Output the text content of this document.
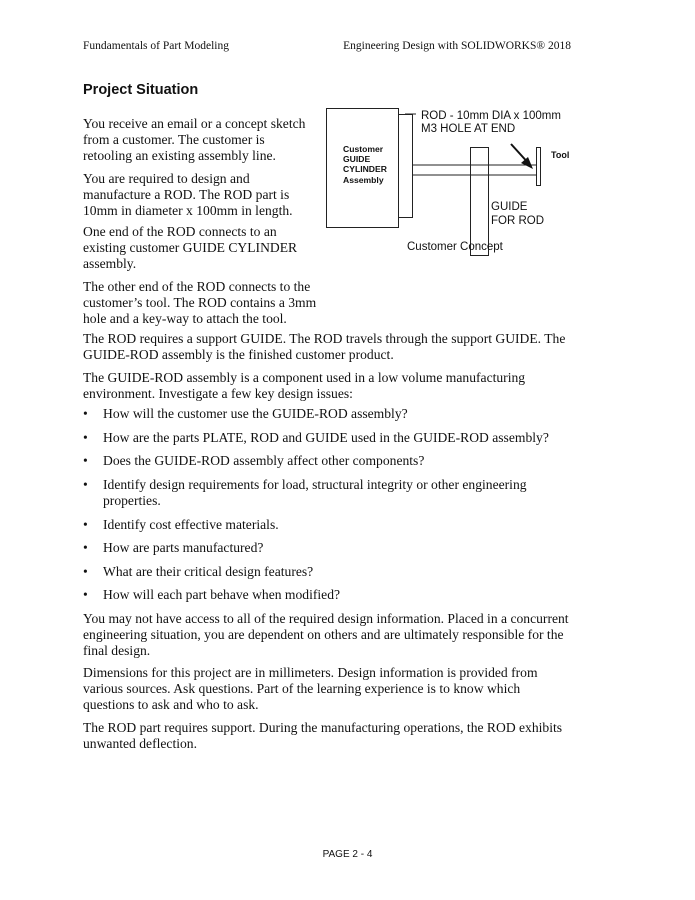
Fundamentals of Part Modeling	Engineering Design with SOLIDWORKS® 2018
Project Situation

You receive an email or a concept sketch from a customer. The customer is retooling an existing assembly line.

You are required to design and manufacture a ROD. The ROD part is 10mm in diameter x 100mm in length.

One end of the ROD connects to an existing customer GUIDE CYLINDER assembly.

The other end of the ROD connects to the customer’s tool. The ROD contains a 3mm hole and a key-way to attach the tool.

ROD - 10mm DIA x 100mm
M3 HOLE AT END
Customer
GUIDE
CYLINDER
Assembly
Tool
GUIDE
FOR ROD
Customer Concept

The ROD requires a support GUIDE. The ROD travels through the support GUIDE. The GUIDE-ROD assembly is the finished customer product.

The GUIDE-ROD assembly is a component used in a low volume manufacturing environment. Investigate a few key design issues:

• How will the customer use the GUIDE-ROD assembly?
• How are the parts PLATE, ROD and GUIDE used in the GUIDE-ROD assembly?
• Does the GUIDE-ROD assembly affect other components?
• Identify design requirements for load, structural integrity or other engineering properties.
• Identify cost effective materials.
• How are parts manufactured?
• What are their critical design features?
• How will each part behave when modified?

You may not have access to all of the required design information. Placed in a concurrent engineering situation, you are dependent on others and are ultimately responsible for the final design.

Dimensions for this project are in millimeters. Design information is provided from various sources. Ask questions. Part of the learning experience is to know which questions to ask and who to ask.

The ROD part requires support. During the manufacturing operations, the ROD exhibits unwanted deflection.

PAGE 2 - 4
